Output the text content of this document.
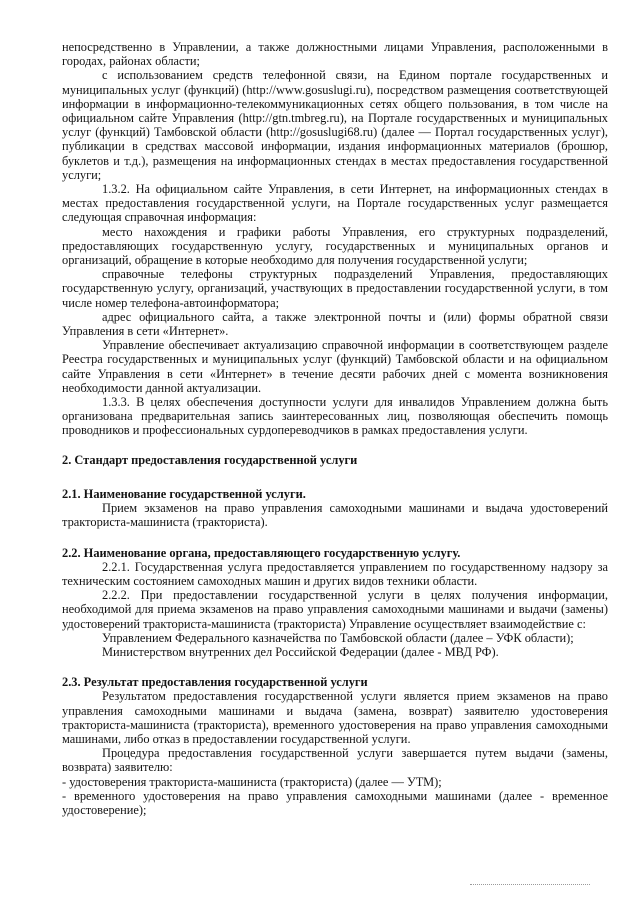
непосредственно в Управлении, а также должностными лицами Управления, расположенными в городах, районах области;

с использованием средств телефонной связи, на Едином портале государственных и муниципальных услуг (функций) (http://www.gosuslugi.ru), посредством размещения соответствующей информации в информационно-телекоммуникационных сетях общего пользования, в том числе на официальном сайте Управления (http://gtn.tmbreg.ru), на Портале государственных и муниципальных услуг (функций) Тамбовской области (http://gosuslugi68.ru) (далее — Портал государственных услуг), публикации в средствах массовой информации, издания информационных материалов (брошюр, буклетов и т.д.), размещения на информационных стендах в местах предоставления государственной услуги;

1.3.2. На официальном сайте Управления, в сети Интернет, на информационных стендах в местах предоставления государственной услуги, на Портале государственных услуг размещается следующая справочная информация:

место нахождения и графики работы Управления, его структурных подразделений, предоставляющих государственную услугу, государственных и муниципальных органов и организаций, обращение в которые необходимо для получения государственной услуги;

справочные телефоны структурных подразделений Управления, предоставляющих государственную услугу, организаций, участвующих в предоставлении государственной услуги, в том числе номер телефона-автоинформатора;

адрес официального сайта, а также электронной почты и (или) формы обратной связи Управления в сети «Интернет».

Управление обеспечивает актуализацию справочной информации в соответствующем разделе Реестра государственных и муниципальных услуг (функций) Тамбовской области и на официальном сайте Управления в сети «Интернет» в течение десяти рабочих дней с момента возникновения необходимости данной актуализации.

1.3.3. В целях обеспечения доступности услуги для инвалидов Управлением должна быть организована предварительная запись заинтересованных лиц, позволяющая обеспечить помощь проводников и профессиональных сурдопереводчиков в рамках предоставления услуги.

2. Стандарт предоставления государственной услуги

2.1. Наименование государственной услуги.

Прием экзаменов на право управления самоходными машинами и выдача удостоверений тракториста-машиниста (тракториста).

2.2. Наименование органа, предоставляющего государственную услугу.

2.2.1. Государственная услуга предоставляется управлением по государственному надзору за техническим состоянием самоходных машин и других видов техники области.

2.2.2. При предоставлении государственной услуги в целях получения информации, необходимой для приема экзаменов на право управления самоходными машинами и выдачи (замены) удостоверений тракториста-машиниста (тракториста) Управление осуществляет взаимодействие с:

Управлением Федерального казначейства по Тамбовской области (далее – УФК области);

Министерством внутренних дел Российской Федерации (далее - МВД РФ).

2.3. Результат предоставления государственной услуги

Результатом предоставления государственной услуги является прием экзаменов на право управления самоходными машинами и выдача (замена, возврат) заявителю удостоверения тракториста-машиниста (тракториста), временного удостоверения на право управления самоходными машинами, либо отказ в предоставлении государственной услуги.

Процедура предоставления государственной услуги завершается путем выдачи (замены, возврата) заявителю:

- удостоверения тракториста-машиниста (тракториста) (далее — УТМ);

- временного удостоверения на право управления самоходными машинами (далее - временное удостоверение);
